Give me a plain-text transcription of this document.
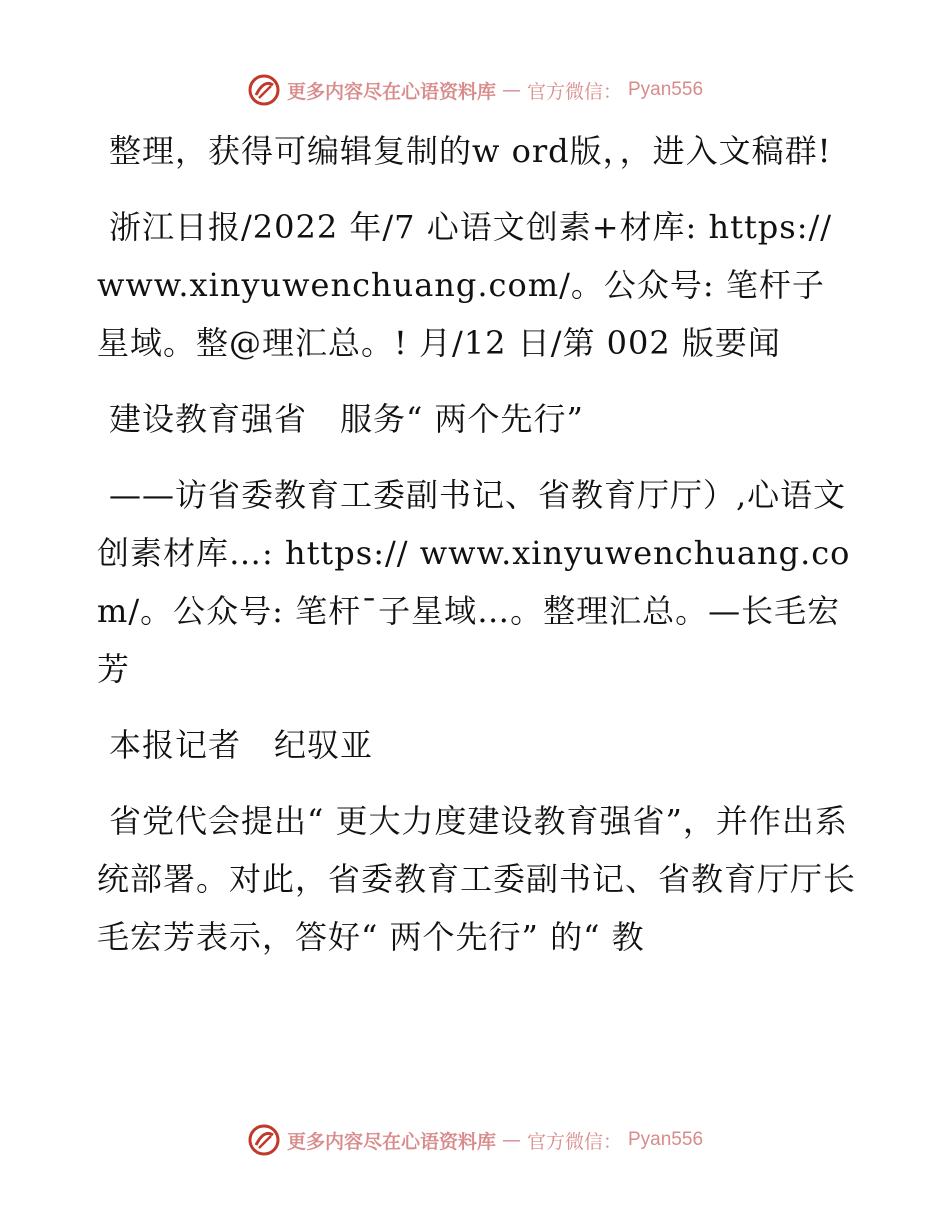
更多内容尽在心语资料库 — 官方微信： Pyan556

整理，获得可编辑复制的w ord版，，进入文稿群!

浙江日报/2022 年/7 心语文创素+材库: https://www.xinyuwenchuang.com/。公众号: 笔杆子星域。整@理汇总。! 月/12 日/第 002 版要闻

建设教育强省　服务“ 两个先行”

——访省委教育工委副书记、省教育厅厅）,心语文创素材库…: https:// www.xinyuwenchuang.com/。公众号: 笔杆¯子星域…。整理汇总。—长毛宏芳

本报记者　纪驭亚

省党代会提出“ 更大力度建设教育强省”，并作出系统部署。对此，省委教育工委副书记、省教育厅厅长毛宏芳表示，答好“ 两个先行” 的“ 教

更多内容尽在心语资料库 — 官方微信： Pyan556
